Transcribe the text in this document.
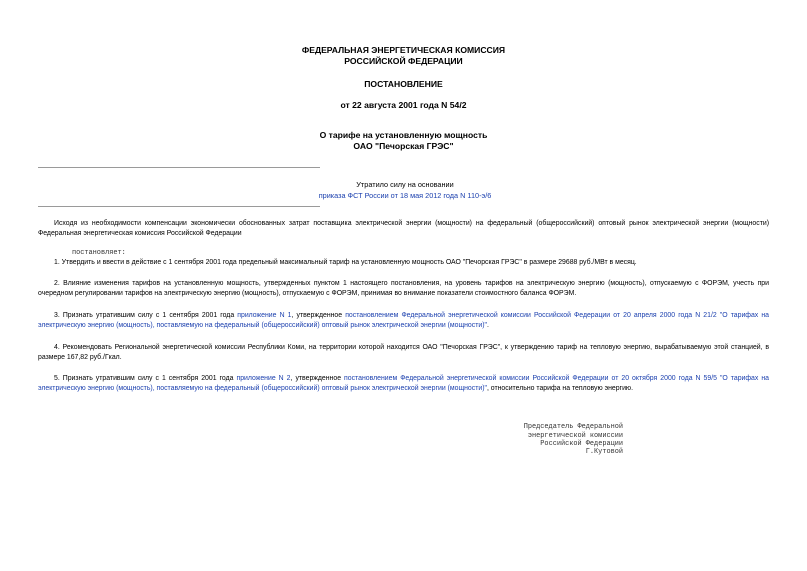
ФЕДЕРАЛЬНАЯ ЭНЕРГЕТИЧЕСКАЯ КОМИССИЯ
РОССИЙСКОЙ ФЕДЕРАЦИИ
ПОСТАНОВЛЕНИЕ
от 22 августа 2001 года N 54/2
О тарифе на установленную мощность
ОАО "Печорская ГРЭС"
Утратило силу на основании
приказа ФСТ России от 18 мая 2012 года N 110-э/6
Исходя из необходимости компенсации экономически обоснованных затрат поставщика электрической энергии (мощности) на федеральный (общероссийский) оптовый рынок электрической энергии (мощности) Федеральная энергетическая комиссия Российской Федерации
постановляет:
1. Утвердить и ввести в действие с 1 сентября 2001 года предельный максимальный тариф на установленную мощность ОАО "Печорская ГРЭС" в размере 29688 руб./МВт в месяц.
2. Влияние изменения тарифов на установленную мощность, утвержденных пунктом 1 настоящего постановления, на уровень тарифов на электрическую энергию (мощность), отпускаемую с ФОРЭМ, учесть при очередном регулировании тарифов на электрическую энергию (мощность), отпускаемую с ФОРЭМ, принимая во внимание показатели стоимостного баланса ФОРЭМ.
3. Признать утратившим силу с 1 сентября 2001 года приложение N 1, утвержденное постановлением Федеральной энергетической комиссии Российской Федерации от 20 апреля 2000 года N 21/2 "О тарифах на электрическую энергию (мощность), поставляемую на федеральный (общероссийский) оптовый рынок электрической энергии (мощности)".
4. Рекомендовать Региональной энергетической комиссии Республики Коми, на территории которой находится ОАО "Печорская ГРЭС", к утверждению тариф на тепловую энергию, вырабатываемую этой станцией, в размере 167,82 руб./Гкал.
5. Признать утратившим силу с 1 сентября 2001 года приложение N 2, утвержденное постановлением Федеральной энергетической комиссии Российской Федерации от 20 октября 2000 года N 59/5 "О тарифах на электрическую энергию (мощность), поставляемую на федеральный (общероссийский) оптовый рынок электрической энергии (мощности)", относительно тарифа на тепловую энергию.
Председатель Федеральной
энергетической комиссии
Российской Федерации
Г.Кутовой
